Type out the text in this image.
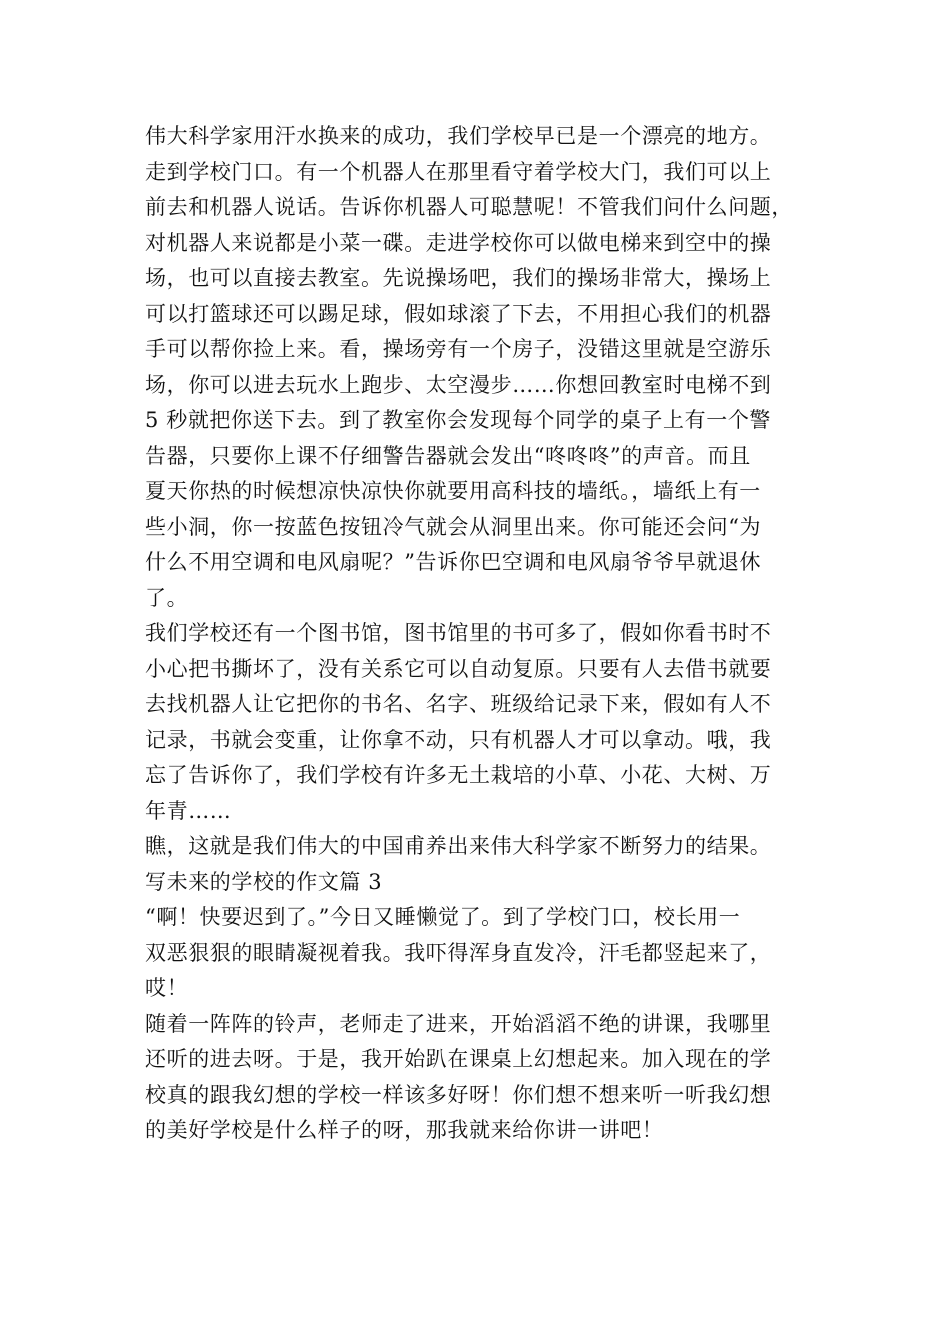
伟大科学家用汗水换来的成功，我们学校早已是一个漂亮的地方。
走到学校门口。有一个机器人在那里看守着学校大门，我们可以上
前去和机器人说话。告诉你机器人可聪慧呢！不管我们问什么问题，
对机器人来说都是小菜一碟。走进学校你可以做电梯来到空中的操
场，也可以直接去教室。先说操场吧，我们的操场非常大，操场上
可以打篮球还可以踢足球，假如球滚了下去，不用担心我们的机器
手可以帮你捡上来。看，操场旁有一个房子，没错这里就是空游乐
场，你可以进去玩水上跑步、太空漫步……你想回教室时电梯不到
5 秒就把你送下去。到了教室你会发现每个同学的桌子上有一个警
告器，只要你上课不仔细警告器就会发出“咚咚咚”的声音。而且
夏天你热的时候想凉快凉快你就要用高科技的墙纸。，墙纸上有一
些小洞，你一按蓝色按钮冷气就会从洞里出来。你可能还会问“为
什么不用空调和电风扇呢？”告诉你巴空调和电风扇爷爷早就退休
了。
我们学校还有一个图书馆，图书馆里的书可多了，假如你看书时不
小心把书撕坏了，没有关系它可以自动复原。只要有人去借书就要
去找机器人让它把你的书名、名字、班级给记录下来，假如有人不
记录，书就会变重，让你拿不动，只有机器人才可以拿动。哦，我
忘了告诉你了，我们学校有许多无土栽培的小草、小花、大树、万
年青……
瞧，这就是我们伟大的中国甫养出来伟大科学家不断努力的结果。
写未来的学校的作文篇 3
“啊！快要迟到了。”今日又睡懒觉了。到了学校门口，校长用一
双恶狠狠的眼睛凝视着我。我吓得浑身直发冷，汗毛都竖起来了，
哎！
随着一阵阵的铃声，老师走了进来，开始滔滔不绝的讲课，我哪里
还听的进去呀。于是，我开始趴在课桌上幻想起来。加入现在的学
校真的跟我幻想的学校一样该多好呀！你们想不想来听一听我幻想
的美好学校是什么样子的呀，那我就来给你讲一讲吧！
